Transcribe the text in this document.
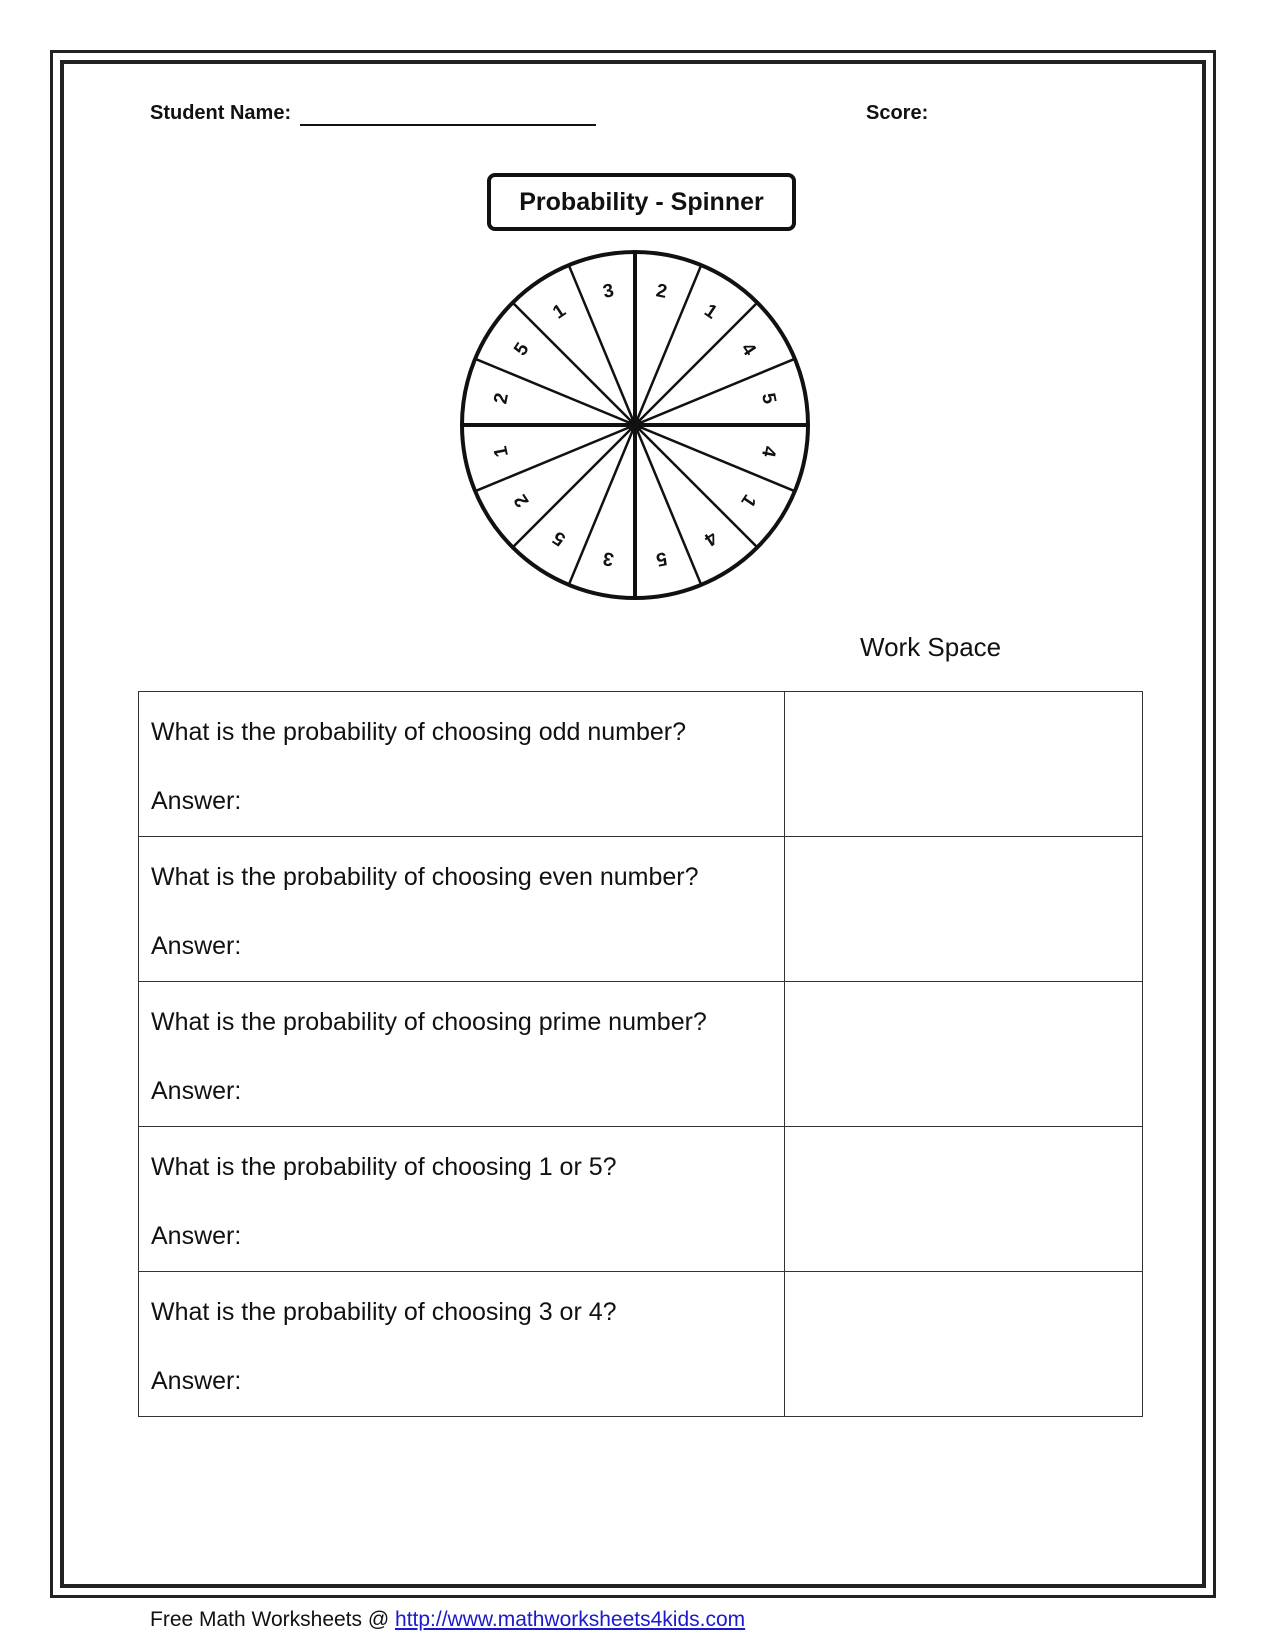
Student Name:	Score:
Probability - Spinner
2
1
4
5
4
1
4
5
3
5
2
1
2
5
1
3
Work Space
What is the probability of choosing odd number?
Answer:	

What is the probability of choosing even number?
Answer:	

What is the probability of choosing prime number?
Answer:	

What is the probability of choosing 1 or 5?
Answer:	

What is the probability of choosing 3 or 4?
Answer:	

Free Math Worksheets @ http://www.mathworksheets4kids.com
